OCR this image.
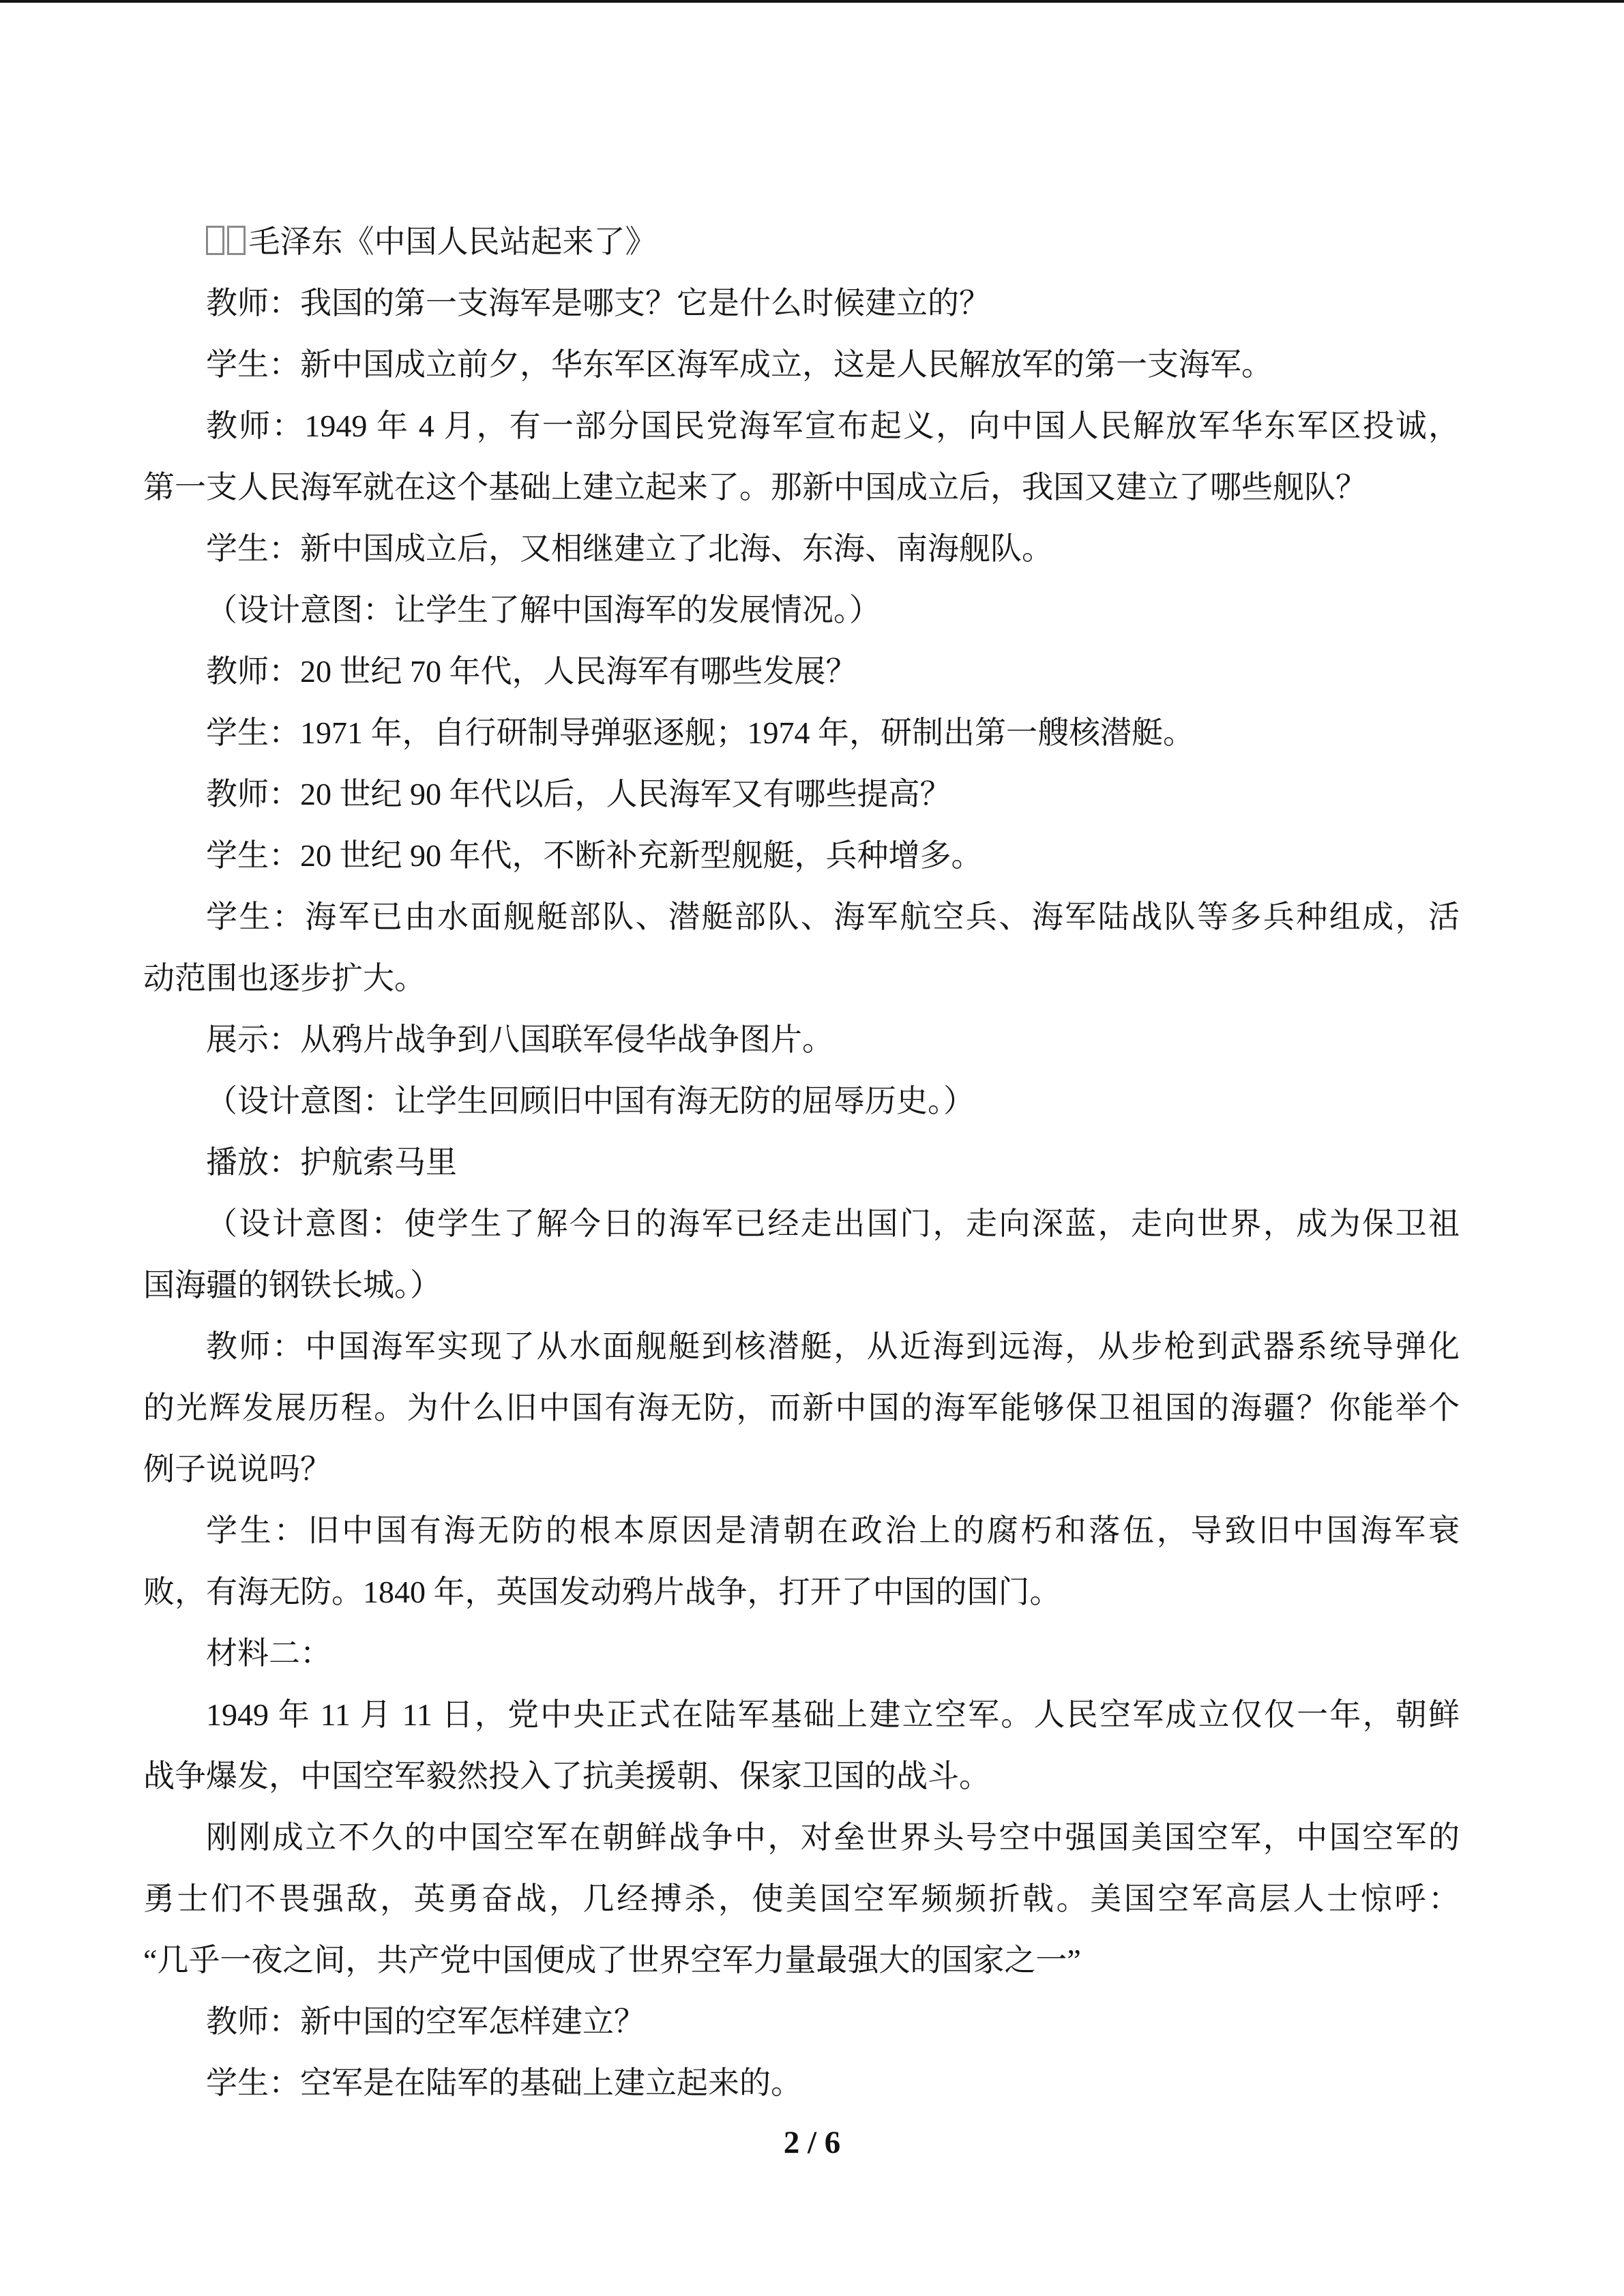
毛泽东《中国人民站起来了》
教师：我国的第一支海军是哪支？它是什么时候建立的？
学生：新中国成立前夕，华东军区海军成立，这是人民解放军的第一支海军。
教师：1949 年 4 月，有一部分国民党海军宣布起义，向中国人民解放军华东军区投诚，
第一支人民海军就在这个基础上建立起来了。那新中国成立后，我国又建立了哪些舰队？
学生：新中国成立后，又相继建立了北海、东海、南海舰队。
（设计意图：让学生了解中国海军的发展情况。）
教师：20 世纪 70 年代，人民海军有哪些发展？
学生：1971 年，自行研制导弹驱逐舰；1974 年，研制出第一艘核潜艇。
教师：20 世纪 90 年代以后，人民海军又有哪些提高？
学生：20 世纪 90 年代，不断补充新型舰艇，兵种增多。
学生：海军已由水面舰艇部队、潜艇部队、海军航空兵、海军陆战队等多兵种组成，活
动范围也逐步扩大。
展示：从鸦片战争到八国联军侵华战争图片。
（设计意图：让学生回顾旧中国有海无防的屈辱历史。）
播放：护航索马里
（设计意图：使学生了解今日的海军已经走出国门，走向深蓝，走向世界，成为保卫祖
国海疆的钢铁长城。）
教师：中国海军实现了从水面舰艇到核潜艇，从近海到远海，从步枪到武器系统导弹化
的光辉发展历程。为什么旧中国有海无防，而新中国的海军能够保卫祖国的海疆？你能举个
例子说说吗？
学生：旧中国有海无防的根本原因是清朝在政治上的腐朽和落伍，导致旧中国海军衰
败，有海无防。1840 年，英国发动鸦片战争，打开了中国的国门。
材料二：
1949 年 11 月 11 日，党中央正式在陆军基础上建立空军。人民空军成立仅仅一年，朝鲜
战争爆发，中国空军毅然投入了抗美援朝、保家卫国的战斗。
刚刚成立不久的中国空军在朝鲜战争中，对垒世界头号空中强国美国空军，中国空军的
勇士们不畏强敌，英勇奋战，几经搏杀，使美国空军频频折戟。美国空军高层人士惊呼：
“几乎一夜之间，共产党中国便成了世界空军力量最强大的国家之一”
教师：新中国的空军怎样建立？
学生：空军是在陆军的基础上建立起来的。
2 / 6
